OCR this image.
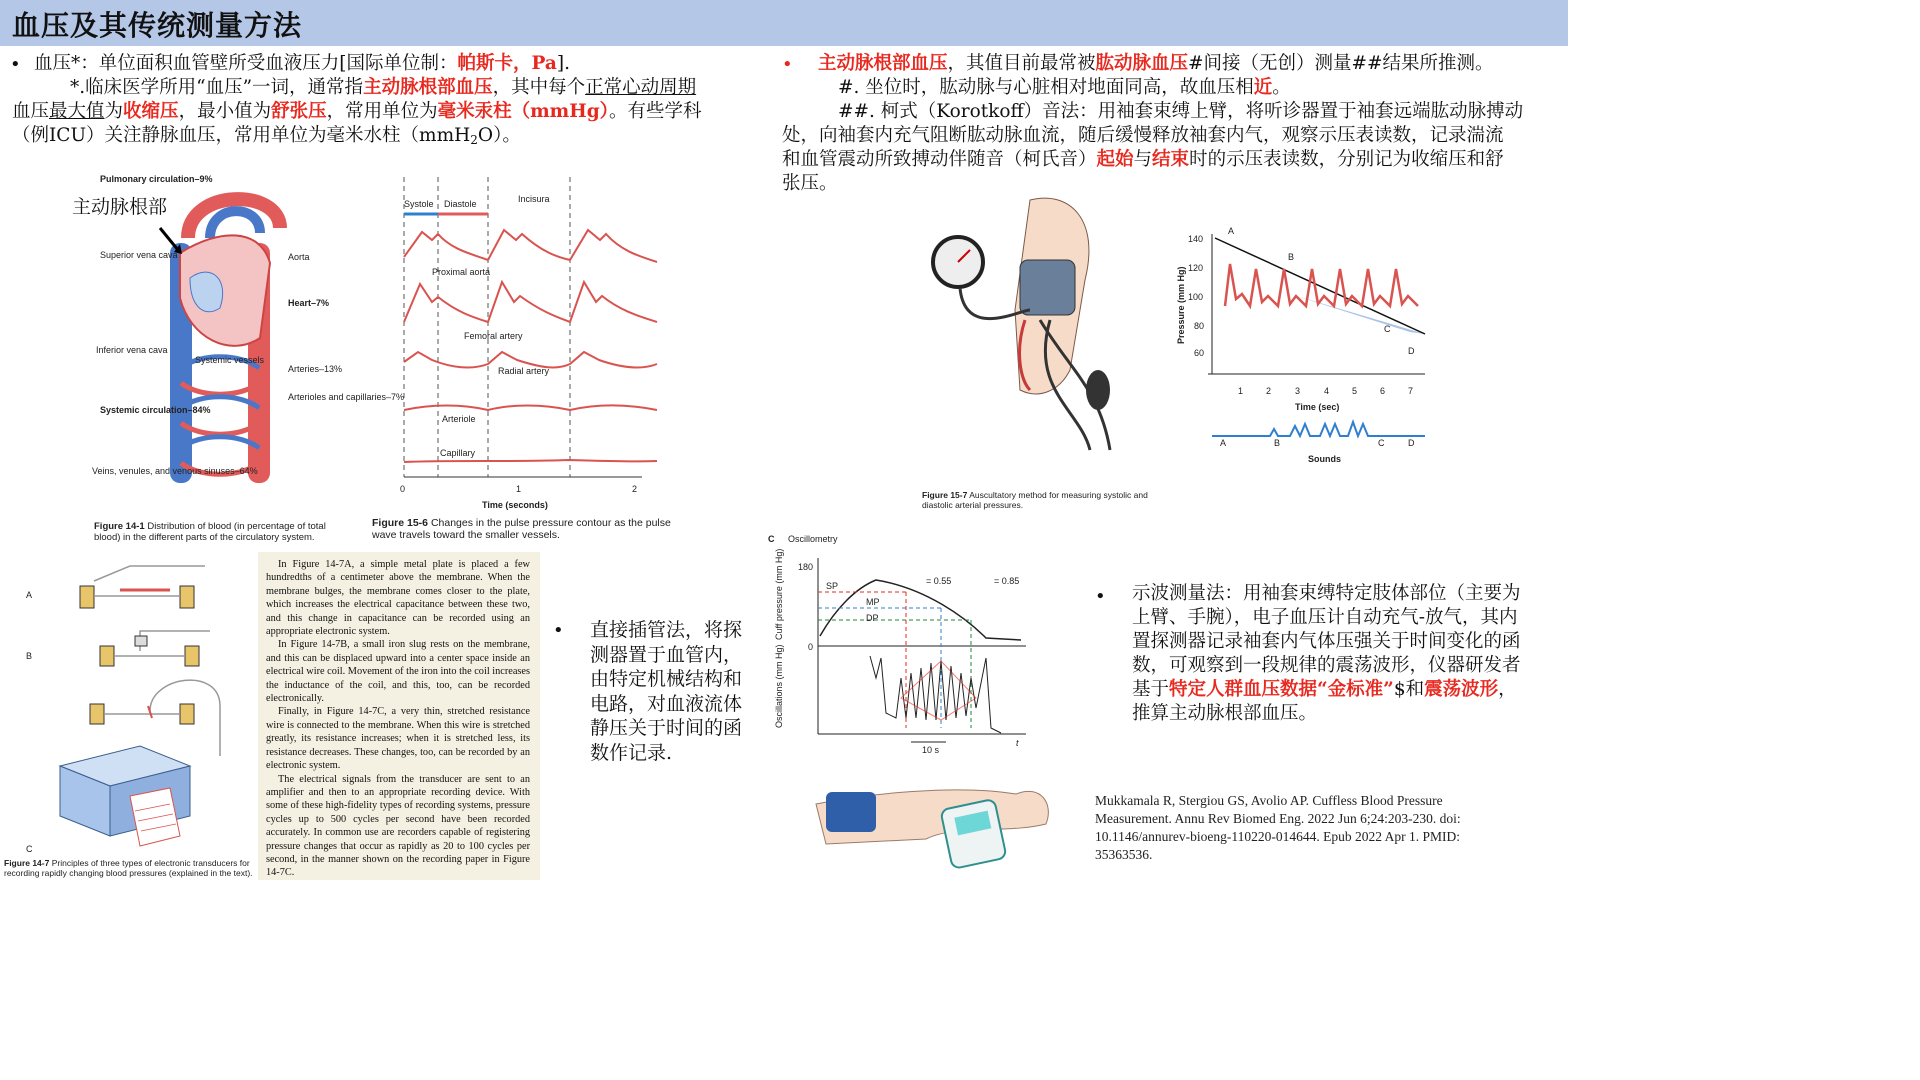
血压及其传统测量方法
• 血压*：单位面积血管壁所受血液压力[国际单位制：帕斯卡，Pa].
*.临床医学所用“血压”一词，通常指主动脉根部血压，其中每个正常心动周期
血压最大值为收缩压，最小值为舒张压，常用单位为毫米汞柱（mmHg）。有些学科
（例ICU）关注静脉血压，常用单位为毫米水柱（mmH$_2$O）。
• 主动脉根部血压，其值目前最常被肱动脉血压#间接（无创）测量##结果所推测。
#. 坐位时，肱动脉与心脏相对地面同高，故血压相近。
##. 柯式（Korotkoff）音法：用袖套束缚上臂，将听诊器置于袖套远端肱动脉搏动
处，向袖套内充气阻断肱动脉血流，随后缓慢释放袖套内气，观察示压表读数，记录湍流
和血管震动所致搏动伴随音（柯氏音）起始与结束时的示压表读数，分别记为收缩压和舒
张压。
Pulmonary circulation–9%
Superior vena cava	Aorta
Heart–7%
Inferior vena cava
Systemic vessels
Arteries–13%
Arterioles and capillaries–7%
Systemic circulation–84%
Veins, venules, and venous sinuses–64%
主动脉根部
Figure 14-1 Distribution of blood (in percentage of total blood) in the different parts of the circulatory system.
Systole Diastole	Incisura
Proximal aorta
Femoral artery
Radial artery
Arteriole
Capillary
0	1	2
Time (seconds)
Figure 15-6 Changes in the pulse pressure contour as the pulse wave travels toward the smaller vessels.
Figure 15-7 Auscultatory method for measuring systolic and diastolic arterial pressures.
140
120
100
80
60
Pressure (mm Hg)
A
B
C
D
1	2	3	4	5	6	7
Time (sec)
A	B	C	D
Sounds
A
B
C
Figure 14-7 Principles of three types of electronic transducers for recording rapidly changing blood pressures (explained in the text).

In Figure 14-7A, a simple metal plate is placed a few hundredths of a centimeter above the membrane. When the membrane bulges, the membrane comes closer to the plate, which increases the electrical capacitance between these two, and this change in capacitance can be recorded using an appropriate electronic system.

In Figure 14-7B, a small iron slug rests on the membrane, and this can be displaced upward into a center space inside an electrical wire coil. Movement of the iron into the coil increases the inductance of the coil, and this, too, can be recorded electronically.

Finally, in Figure 14-7C, a very thin, stretched resistance wire is connected to the membrane. When this wire is stretched greatly, its resistance increases; when it is stretched less, its resistance decreases. These changes, too, can be recorded by an electronic system.

The electrical signals from the transducer are sent to an amplifier and then to an appropriate recording device. With some of these high-fidelity types of recording systems, pressure cycles up to 500 cycles per second have been recorded accurately. In common use are recorders capable of registering pressure changes that occur as rapidly as 20 to 100 cycles per second, in the manner shown on the recording paper in Figure 14-7C.

• 直接插管法，将探测器置于血管内，由特定机械结构和电路，对血液流体静压关于时间的函数作记录.
C Oscillometry
Cuff pressure (mm Hg)
Oscillations (mm Hg)
180
0
SP
MP
DP
= 0.55	= 0.85
10 s
t
• 示波测量法：用袖套束缚特定肢体部位（主要为上臂、手腕），电子血压计自动充气-放气，其内置探测器记录袖套内气体压强关于时间变化的函数，可观察到一段规律的震荡波形，仪器研发者基于特定人群血压数据“金标准”$和震荡波形，推算主动脉根部血压。
Mukkamala R, Stergiou GS, Avolio AP. Cuffless Blood Pressure Measurement. Annu Rev Biomed Eng. 2022 Jun 6;24:203-230. doi: 10.1146/annurev-bioeng-110220-014644. Epub 2022 Apr 1. PMID: 35363536.
